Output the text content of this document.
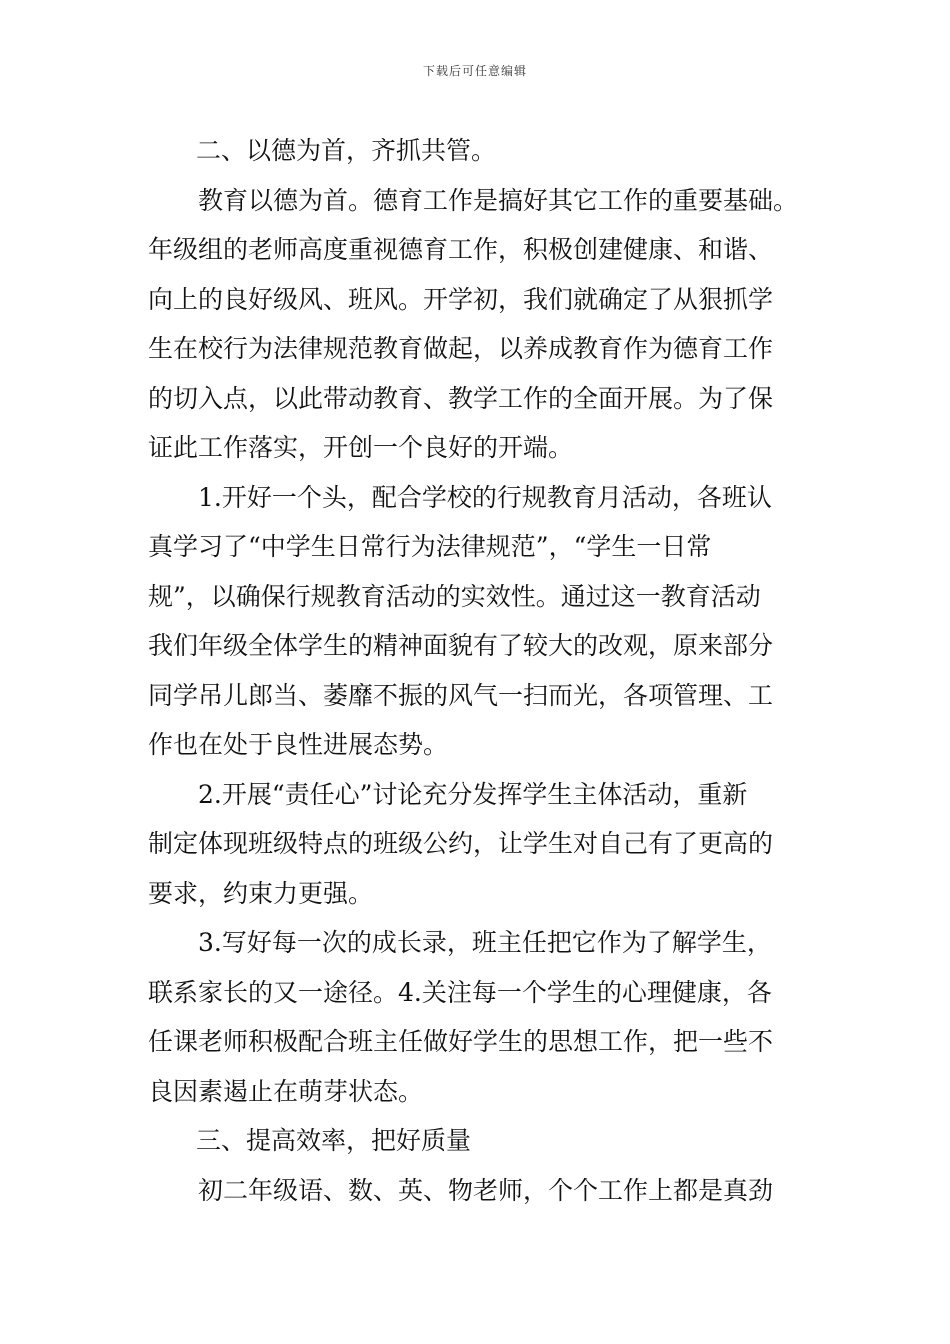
下载后可任意编辑
二、以德为首，齐抓共管。
教育以德为首。德育工作是搞好其它工作的重要基础。
年级组的老师高度重视德育工作，积极创建健康、和谐、
向上的良好级风、班风。开学初，我们就确定了从狠抓学
生在校行为法律规范教育做起，以养成教育作为德育工作
的切入点，以此带动教育、教学工作的全面开展。为了保
证此工作落实，开创一个良好的开端。
1.开好一个头，配合学校的行规教育月活动，各班认
真学习了“中学生日常行为法律规范”，“学生一日常
规”，以确保行规教育活动的实效性。通过这一教育活动
我们年级全体学生的精神面貌有了较大的改观，原来部分
同学吊儿郎当、萎靡不振的风气一扫而光，各项管理、工
作也在处于良性进展态势。
2.开展“责任心”讨论充分发挥学生主体活动，重新
制定体现班级特点的班级公约，让学生对自己有了更高的
要求，约束力更强。
3.写好每一次的成长录，班主任把它作为了解学生，
联系家长的又一途径。4.关注每一个学生的心理健康，各
任课老师积极配合班主任做好学生的思想工作，把一些不
良因素遏止在萌芽状态。
三、提高效率，把好质量
初二年级语、数、英、物老师，个个工作上都是真劲
